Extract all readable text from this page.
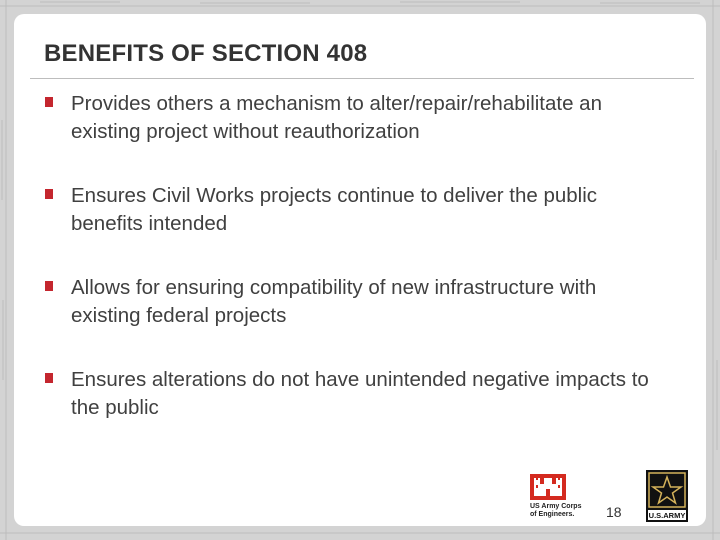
BENEFITS OF SECTION 408
Provides others a mechanism to alter/repair/rehabilitate an existing project without reauthorization
Ensures Civil Works projects continue to deliver the public benefits intended
Allows for ensuring compatibility of new infrastructure with existing federal projects
Ensures alterations do not have unintended negative impacts to the public
US Army Corps
of Engineers.	18	U.S.ARMY
